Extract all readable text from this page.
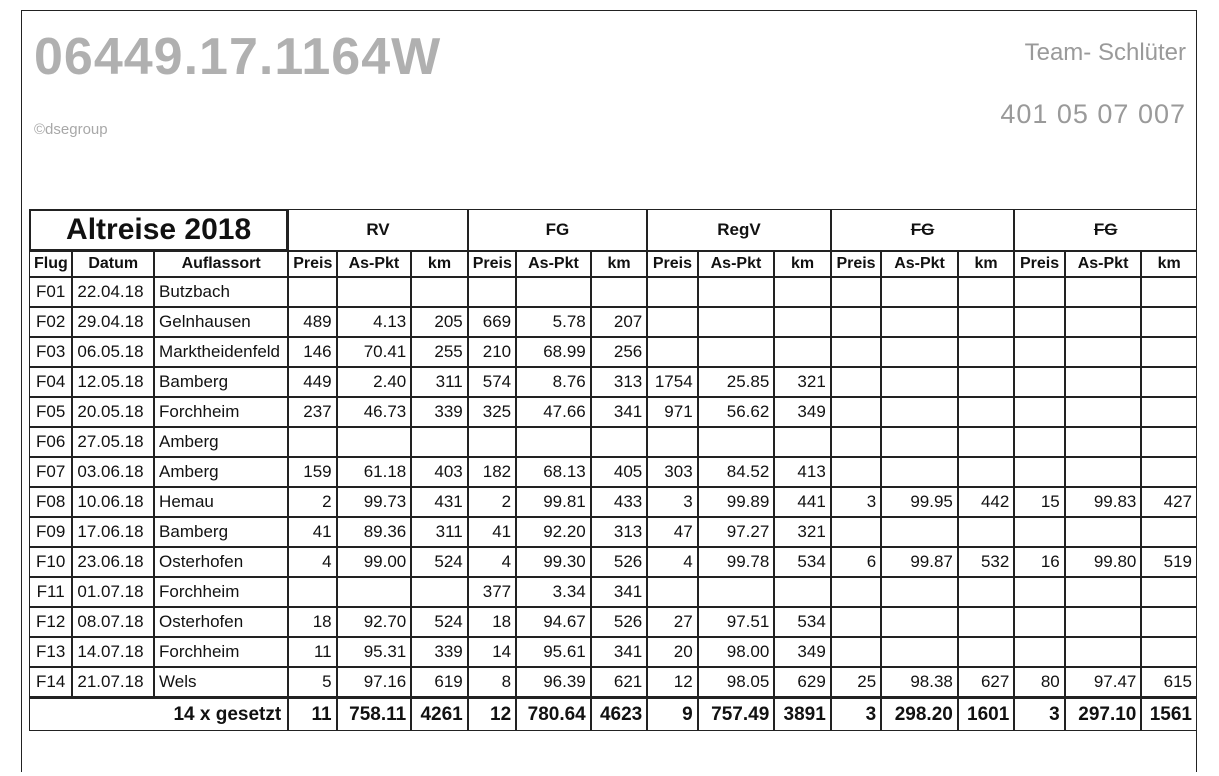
06449.17.1164W
©dsegroup
Team- Schlüter
401 05 07 007
Altreise 2018			RV			FG			RegV			FG			FG		
Flug	Datum	Auflassort	Preis	As-Pkt	km	Preis	As-Pkt	km	Preis	As-Pkt	km	Preis	As-Pkt	km	Preis	As-Pkt	km
F01	22.04.18	Butzbach															
F02	29.04.18	Gelnhausen	489	4.13	205	669	5.78	207									
F03	06.05.18	Marktheidenfeld	146	70.41	255	210	68.99	256									
F04	12.05.18	Bamberg	449	2.40	311	574	8.76	313	1754	25.85	321						
F05	20.05.18	Forchheim	237	46.73	339	325	47.66	341	971	56.62	349						
F06	27.05.18	Amberg															
F07	03.06.18	Amberg	159	61.18	403	182	68.13	405	303	84.52	413						
F08	10.06.18	Hemau	2	99.73	431	2	99.81	433	3	99.89	441	3	99.95	442	15	99.83	427
F09	17.06.18	Bamberg	41	89.36	311	41	92.20	313	47	97.27	321						
F10	23.06.18	Osterhofen	4	99.00	524	4	99.30	526	4	99.78	534	6	99.87	532	16	99.80	519
F11	01.07.18	Forchheim				377	3.34	341									
F12	08.07.18	Osterhofen	18	92.70	524	18	94.67	526	27	97.51	534						
F13	14.07.18	Forchheim	11	95.31	339	14	95.61	341	20	98.00	349						
F14	21.07.18	Wels	5	97.16	619	8	96.39	621	12	98.05	629	25	98.38	627	80	97.47	615
14 x gesetzt			11	758.11	4261	12	780.64	4623	9	757.49	3891	3	298.20	1601	3	297.10	1561
